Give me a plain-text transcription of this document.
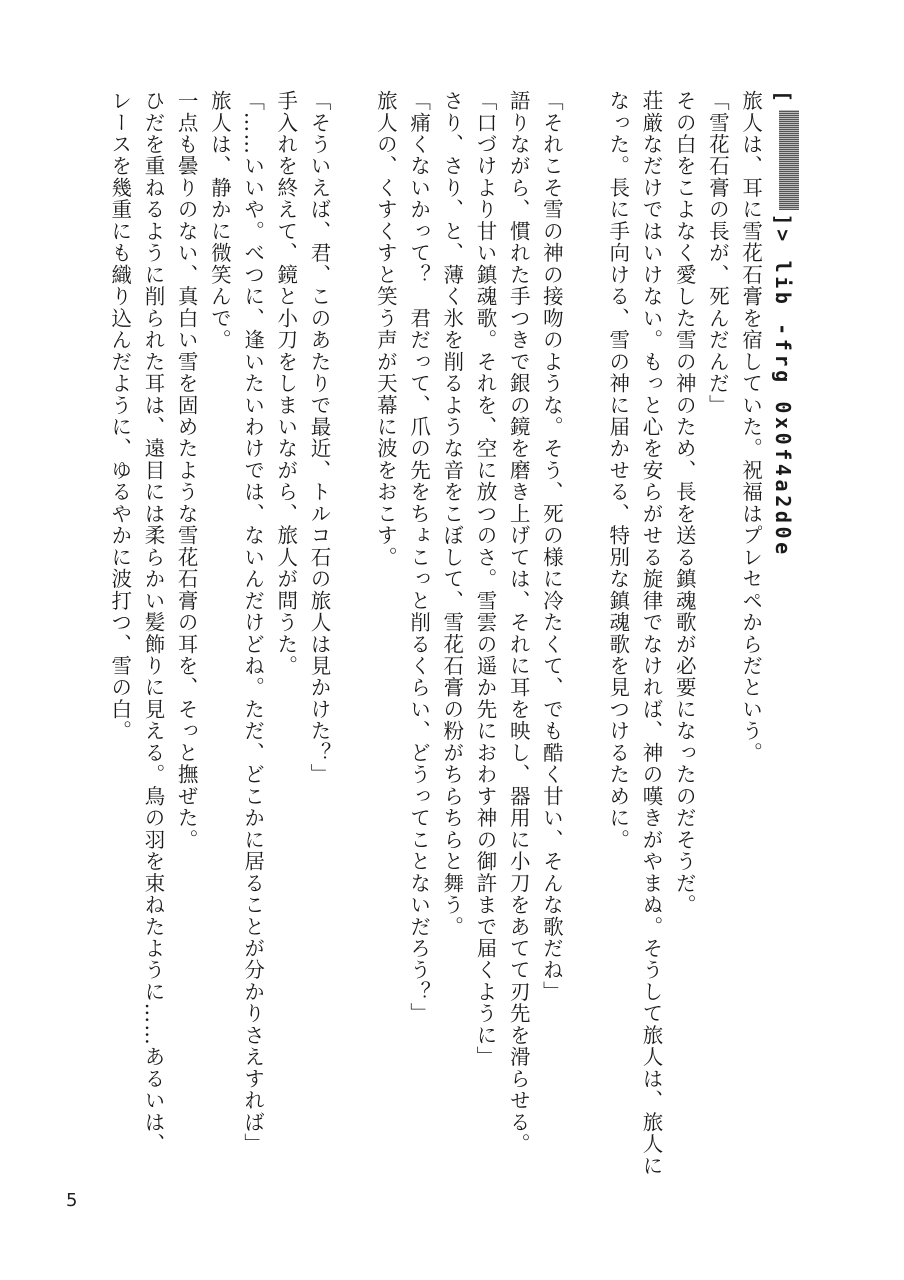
[]> lib -frg 0x0f4a2d0e
旅人は、耳に雪花石膏を宿していた。祝福はプレセペからだという。
「雪花石膏の長が、死んだんだ」
その白をこよなく愛した雪の神のため、長を送る鎮魂歌が必要になったのだそうだ。
荘厳なだけではいけない。もっと心を安らがせる旋律でなければ、神の嘆きがやまぬ。そうして旅人は、旅人に
なった。長に手向ける、雪の神に届かせる、特別な鎮魂歌を見つけるために。
「それこそ雪の神の接吻のような。そう、死の様に冷たくて、でも酷く甘い、そんな歌だね」
語りながら、慣れた手つきで銀の鏡を磨き上げては、それに耳を映し、器用に小刀をあてて刃先を滑らせる。
「口づけより甘い鎮魂歌。それを、空に放つのさ。雪雲の遥か先におわす神の御許まで届くように」
さり、さり、と、薄く氷を削るような音をこぼして、雪花石膏の粉がちらちらと舞う。
「痛くないかって？　君だって、爪の先をちょこっと削るくらい、どうってことないだろう？」
旅人の、くすくすと笑う声が天幕に波をおこす。
「そういえば、君、このあたりで最近、トルコ石の旅人は見かけた？」
手入れを終えて、鏡と小刀をしまいながら、旅人が問うた。
「……いいや。べつに、逢いたいわけでは、ないんだけどね。ただ、どこかに居ることが分かりさえすれば」
旅人は、静かに微笑んで。
一点も曇りのない、真白い雪を固めたような雪花石膏の耳を、そっと撫ぜた。
ひだを重ねるように削られた耳は、遠目には柔らかい髪飾りに見える。鳥の羽を束ねたように……あるいは、
レースを幾重にも織り込んだように、ゆるやかに波打つ、雪の白。
5
